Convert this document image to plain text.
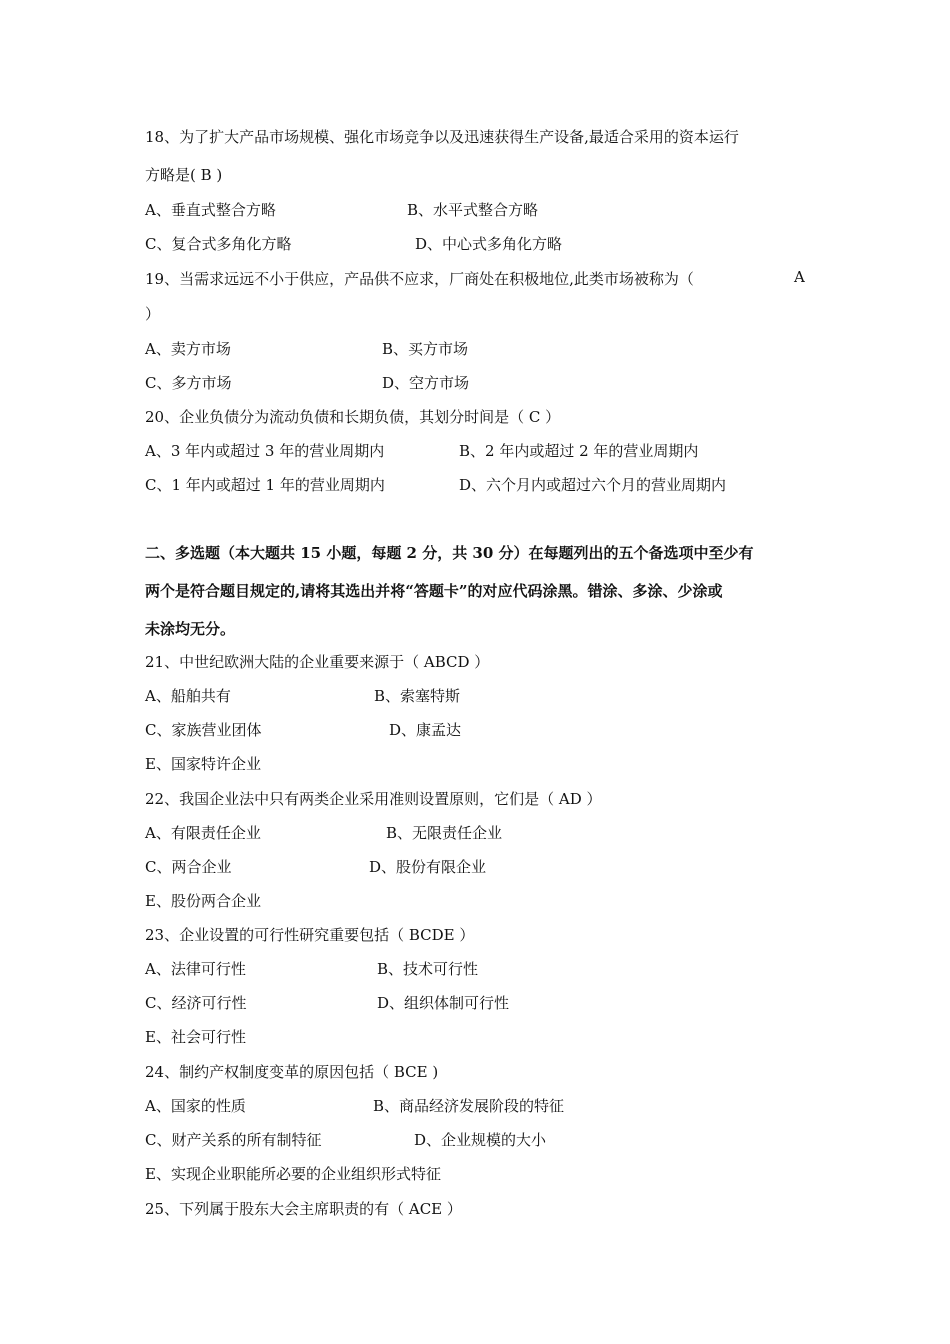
18、为了扩大产品市场规模、强化市场竞争以及迅速获得生产设备,最适合采用的资本运行
方略是( B )
A、垂直式整合方略	B、水平式整合方略
C、复合式多角化方略	D、中心式多角化方略
19、当需求远远不小于供应，产品供不应求，厂商处在积极地位,此类市场被称为（	A
）
A、卖方市场	B、买方市场
C、多方市场	D、空方市场
20、企业负债分为流动负债和长期负债，其划分时间是（ C ）
A、3 年内或超过 3 年的营业周期内	B、2 年内或超过 2 年的营业周期内
C、1 年内或超过 1 年的营业周期内	D、六个月内或超过六个月的营业周期内
二、多选题（本大题共 15 小题，每题 2 分，共 30 分）在每题列出的五个备选项中至少有
两个是符合题目规定的,请将其选出并将“答题卡”的对应代码涂黑。错涂、多涂、少涂或
未涂均无分。
21、中世纪欧洲大陆的企业重要来源于（ ABCD ）
A、船舶共有	B、索塞特斯
C、家族营业团体	D、康孟达
E、国家特许企业
22、我国企业法中只有两类企业采用准则设置原则，它们是（ AD ）
A、有限责任企业	B、无限责任企业
C、两合企业	D、股份有限企业
E、股份两合企业
23、企业设置的可行性研究重要包括（ BCDE ）
A、法律可行性	B、技术可行性
C、经济可行性	D、组织体制可行性
E、社会可行性
24、制约产权制度变革的原因包括（ BCE )
A、国家的性质	B、商品经济发展阶段的特征
C、财产关系的所有制特征	D、企业规模的大小
E、实现企业职能所必要的企业组织形式特征
25、下列属于股东大会主席职责的有（ ACE ）
